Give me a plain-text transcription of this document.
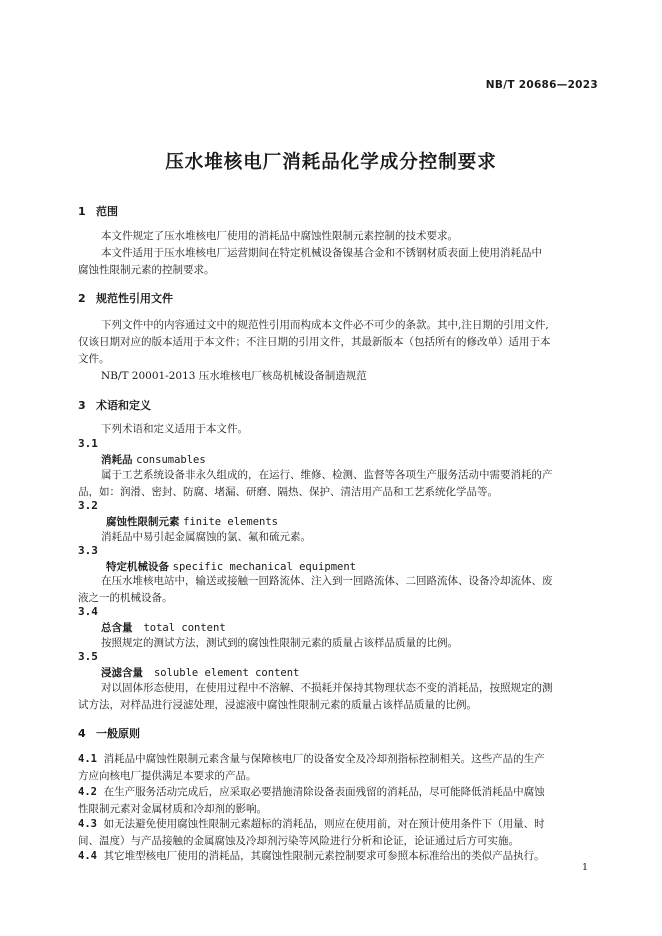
NB/T 20686—2023
压水堆核电厂消耗品化学成分控制要求
1 范围
本文件规定了压水堆核电厂使用的消耗品中腐蚀性限制元素控制的技术要求。
本文件适用于压水堆核电厂运营期间在特定机械设备镍基合金和不锈钢材质表面上使用消耗品中
腐蚀性限制元素的控制要求。
2 规范性引用文件
下列文件中的内容通过文中的规范性引用而构成本文件必不可少的条款。其中,注日期的引用文件,
仅该日期对应的版本适用于本文件；不注日期的引用文件，其最新版本（包括所有的修改单）适用于本
文件。
NB/T 20001-2013 压水堆核电厂核岛机械设备制造规范
3 术语和定义
下列术语和定义适用于本文件。
3.1
消耗品 consumables
属于工艺系统设备非永久组成的，在运行、维修、检测、监督等各项生产服务活动中需要消耗的产
品，如：润滑、密封、防腐、堵漏、研磨、隔热、保护、清洁用产品和工艺系统化学品等。
3.2
腐蚀性限制元素 finite elements
消耗品中易引起金属腐蚀的氯、氟和硫元素。
3.3
特定机械设备 specific mechanical equipment
在压水堆核电站中，输送或接触一回路流体、注入到一回路流体、二回路流体、设备冷却流体、废
液之一的机械设备。
3.4
总含量 total content
按照规定的测试方法，测试到的腐蚀性限制元素的质量占该样品质量的比例。
3.5
浸滤含量 soluble element content
对以固体形态使用，在使用过程中不溶解、不损耗并保持其物理状态不变的消耗品，按照规定的测
试方法，对样品进行浸滤处理，浸滤液中腐蚀性限制元素的质量占该样品质量的比例。
4 一般原则
4.1 消耗品中腐蚀性限制元素含量与保障核电厂的设备安全及冷却剂指标控制相关。这些产品的生产
方应向核电厂提供满足本要求的产品。
4.2 在生产服务活动完成后，应采取必要措施清除设备表面残留的消耗品，尽可能降低消耗品中腐蚀
性限制元素对金属材质和冷却剂的影响。
4.3 如无法避免使用腐蚀性限制元素超标的消耗品，则应在使用前，对在预计使用条件下（用量、时
间、温度）与产品接触的金属腐蚀及冷却剂污染等风险进行分析和论证，论证通过后方可实施。
4.4 其它堆型核电厂使用的消耗品，其腐蚀性限制元素控制要求可参照本标准给出的类似产品执行。
1
